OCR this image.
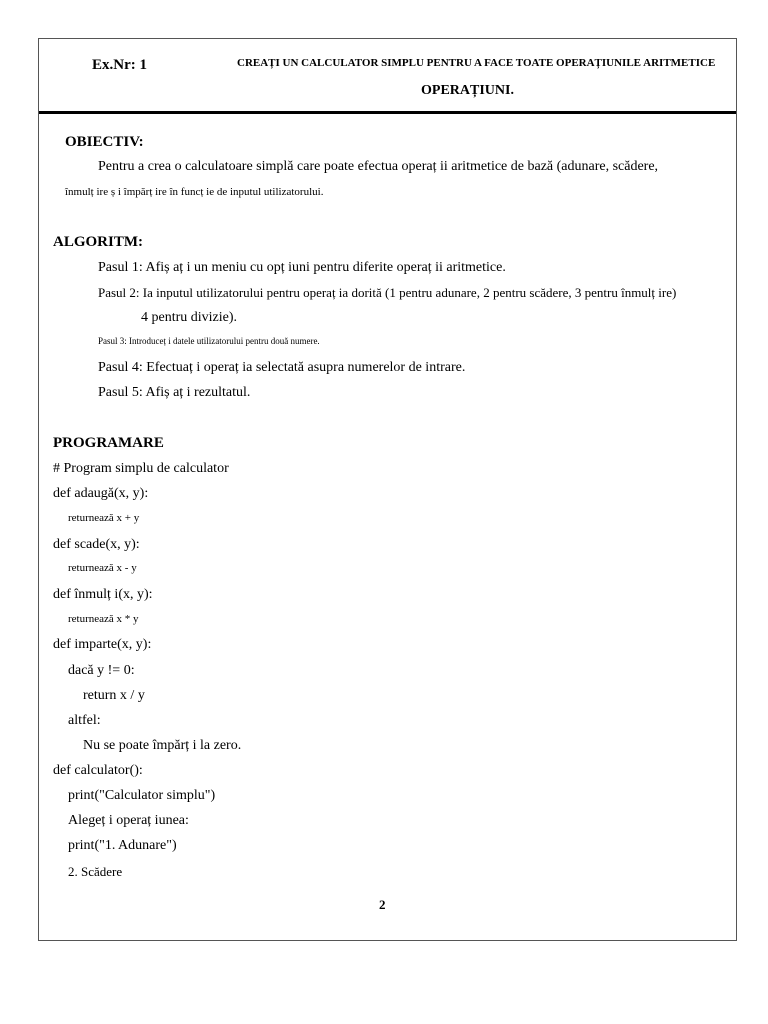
Ex.Nr: 1	CREAȚI UN CALCULATOR SIMPLU PENTRU A FACE TOATE OPERAȚIUNILE ARITMETICE
OPERAȚIUNI.
OBIECTIV:
Pentru a crea o calculatoare simplă care poate efectua operaț ii aritmetice de bază (adunare, scădere,
înmulț ire ș i împărț ire în funcț ie de inputul utilizatorului.
ALGORITM:
Pasul 1: Afiș aț i un meniu cu opț iuni pentru diferite operaț ii aritmetice.
Pasul 2: Ia inputul utilizatorului pentru operaț ia dorită (1 pentru adunare, 2 pentru scădere, 3 pentru înmulț ire)
4 pentru divizie).
Pasul 3: Introduceț i datele utilizatorului pentru două numere.
Pasul 4: Efectuaț i operaț ia selectată asupra numerelor de intrare.
Pasul 5: Afiș aț i rezultatul.
PROGRAMARE
# Program simplu de calculator
def adaugă(x, y):
returnează x + y
def scade(x, y):
returnează x - y
def înmulț i(x, y):
returnează x * y
def imparte(x, y):
dacă y != 0:
return x / y
altfel:
Nu se poate împărț i la zero.
def calculator():
print("Calculator simplu")
Alegeț i operaț iunea:
print("1. Adunare")
2. Scădere
2
